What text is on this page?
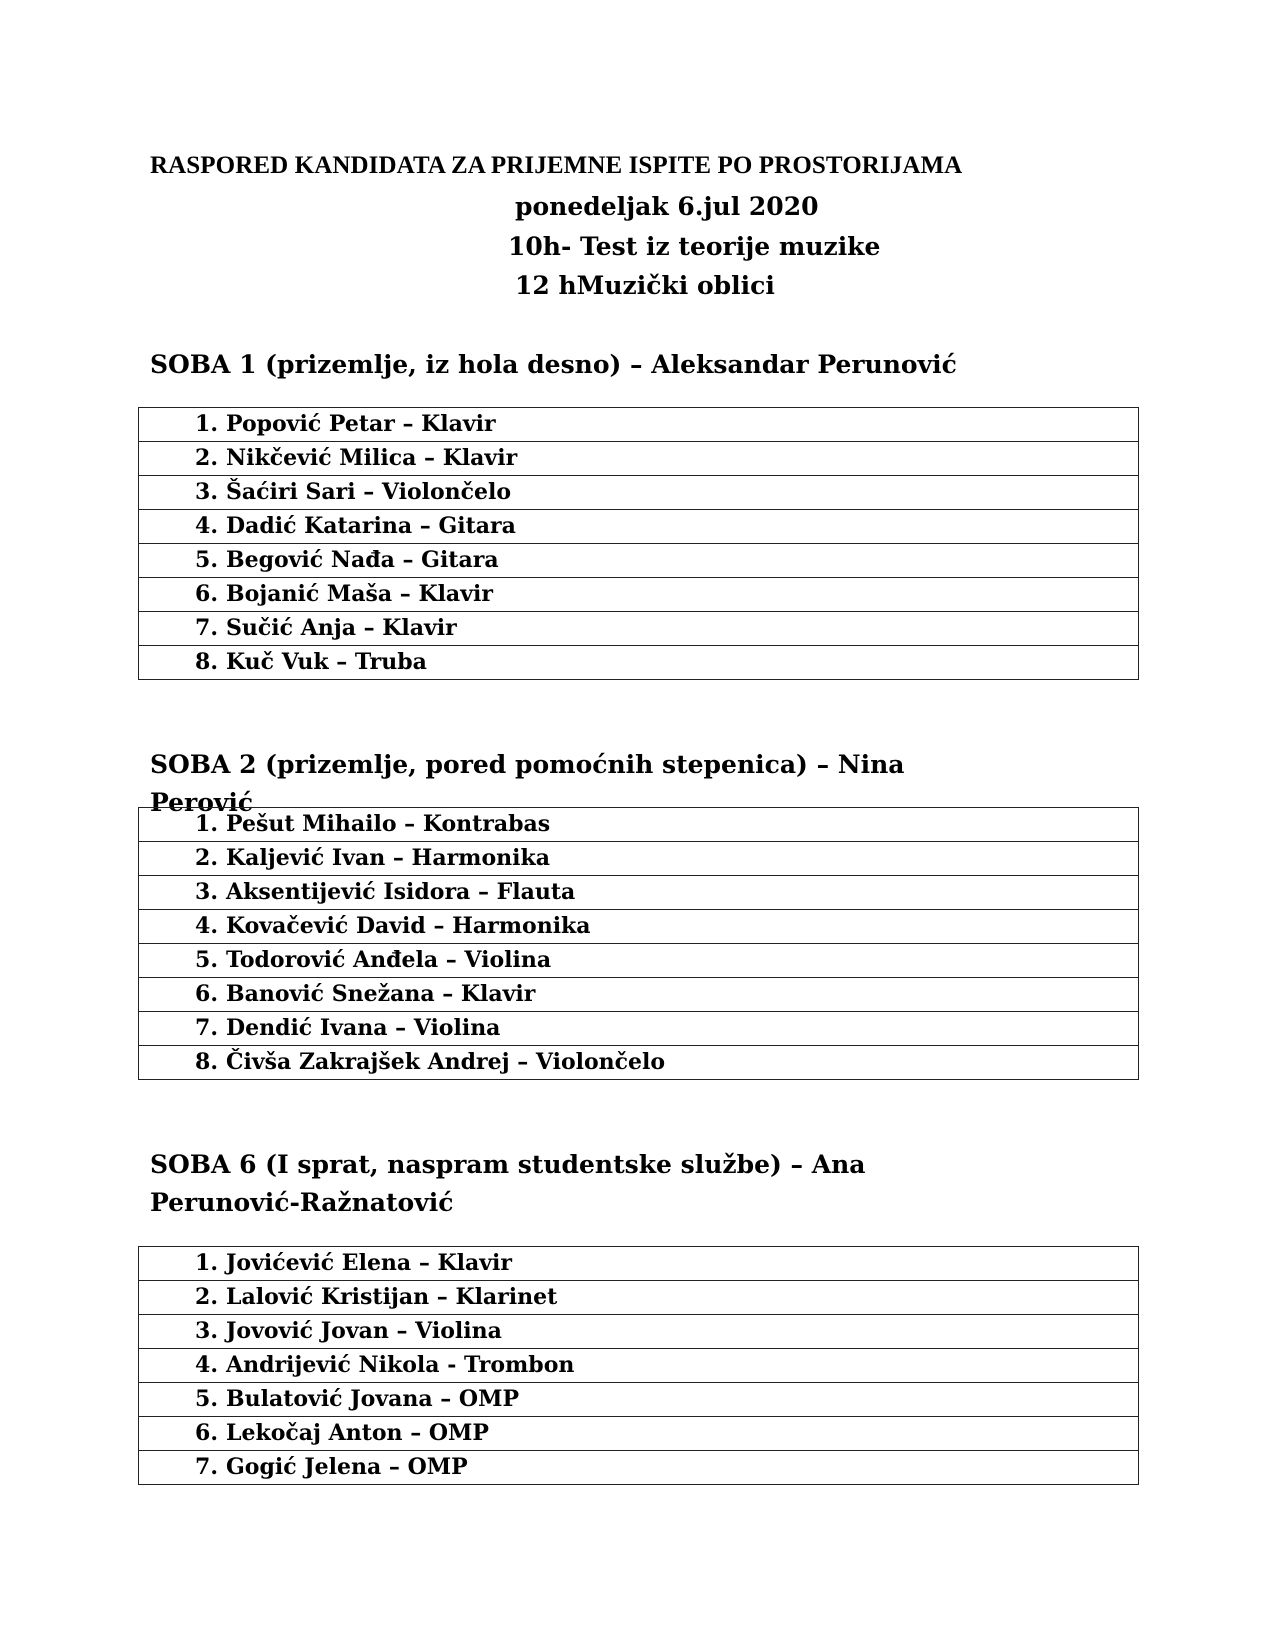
RASPORED KANDIDATA ZA PRIJEMNE ISPITE PO PROSTORIJAMA
ponedeljak 6.jul 2020
10h- Test iz teorije muzike
12 hMuzički oblici
SOBA 1 (prizemlje, iz hola desno) – Aleksandar Perunović
1. Popović Petar – Klavir

2. Nikčević Milica – Klavir

3. Šaćiri Sari – Violončelo

4. Dadić Katarina – Gitara

5. Begović Nađa – Gitara

6. Bojanić Maša – Klavir

7. Sučić Anja – Klavir

8. Kuč Vuk – Truba
SOBA 2 (prizemlje, pored pomoćnih stepenica) – Nina Perović
1. Pešut Mihailo – Kontrabas

2. Kaljević Ivan – Harmonika

3. Aksentijević Isidora – Flauta

4. Kovačević David – Harmonika

5. Todorović Anđela – Violina

6. Banović Snežana – Klavir

7. Dendić Ivana – Violina

8. Čivša Zakrajšek Andrej – Violončelo
SOBA 6 (I sprat, naspram studentske službe) – Ana Perunović-Ražnatović
1. Jovićević Elena – Klavir

2. Lalović Kristijan – Klarinet

3. Jovović Jovan – Violina

4. Andrijević Nikola - Trombon

5. Bulatović Jovana – OMP

6. Lekočaj Anton – OMP

7. Gogić Jelena – OMP
